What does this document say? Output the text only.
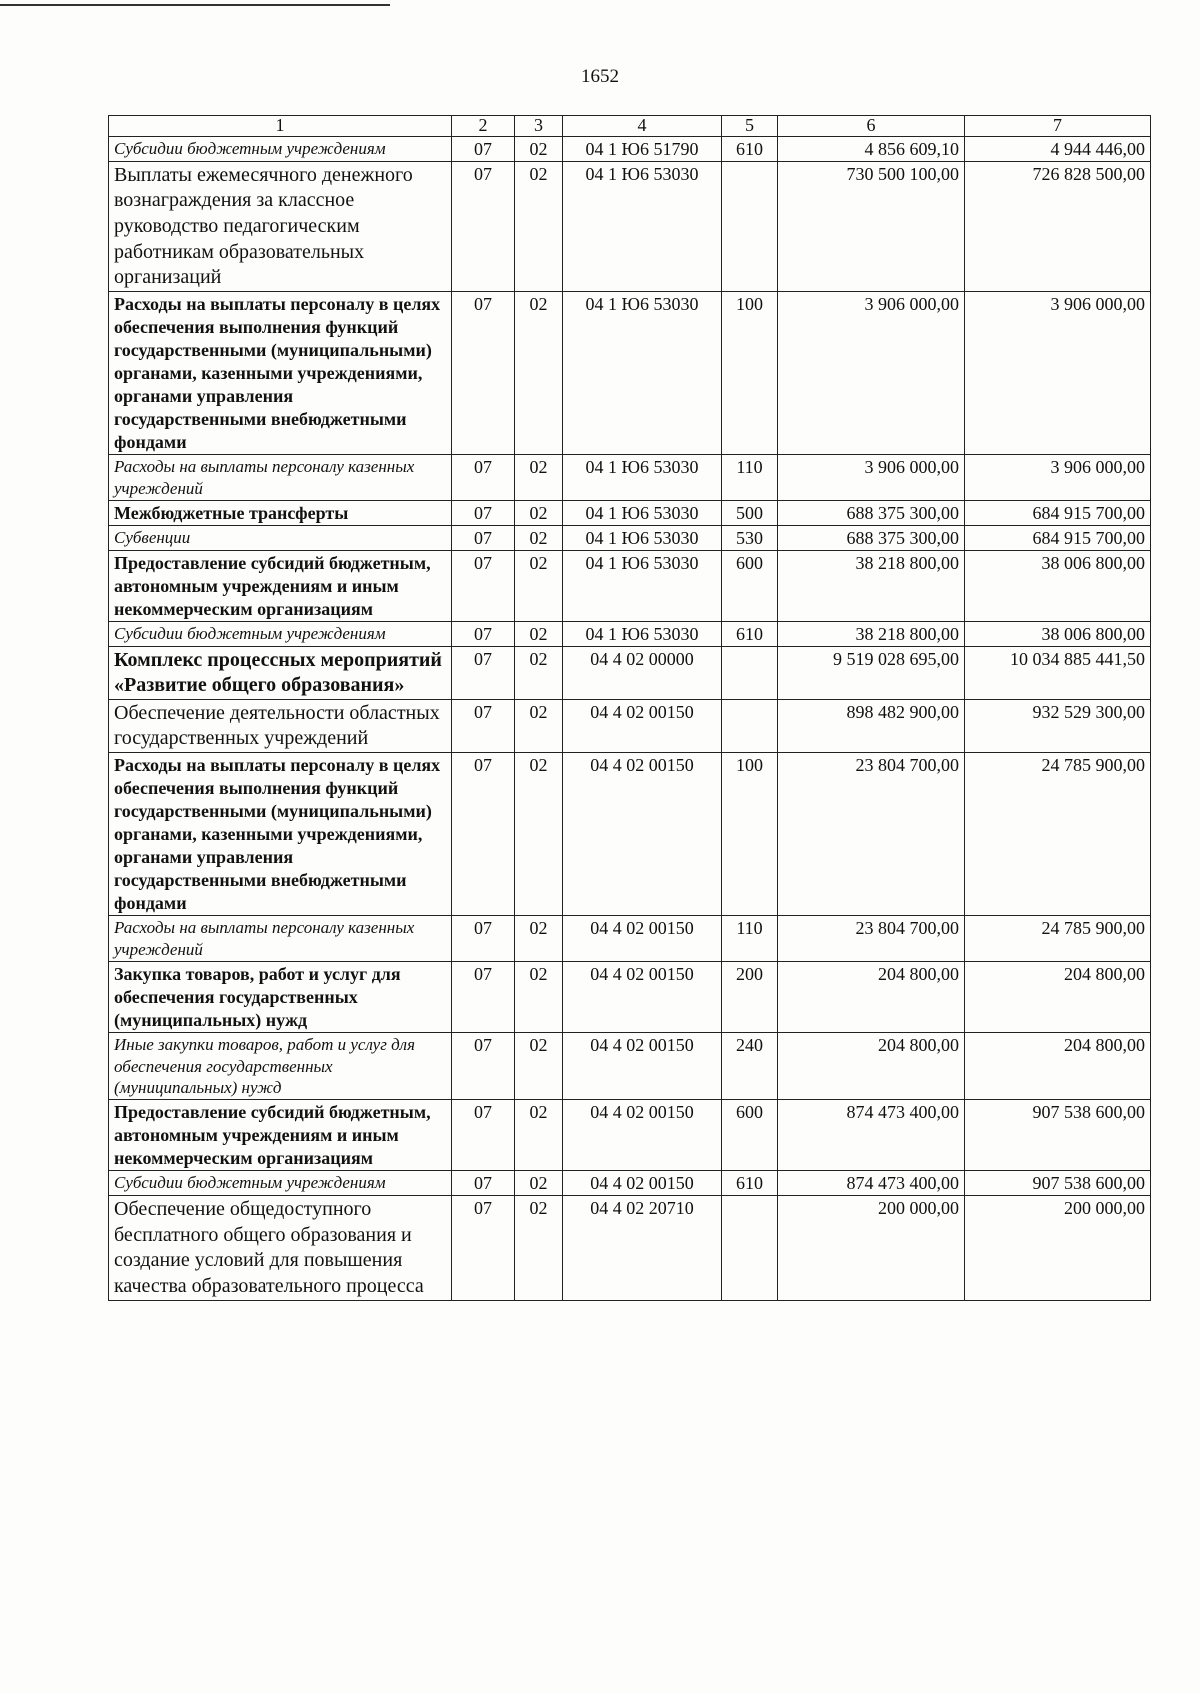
1652
1	2	3	4	5	6	7
Субсидии бюджетным учреждениям	07	02	04 1 Ю6 51790	610	4 856 609,10	4 944 446,00
Выплаты ежемесячного денежного вознаграждения за классное руководство педагогическим работникам образовательных организаций	07	02	04 1 Ю6 53030		730 500 100,00	726 828 500,00
Расходы на выплаты персоналу в целях обеспечения выполнения функций государственными (муниципальными) органами, казенными учреждениями, органами управления государственными внебюджетными фондами	07	02	04 1 Ю6 53030	100	3 906 000,00	3 906 000,00
Расходы на выплаты персоналу казенных учреждений	07	02	04 1 Ю6 53030	110	3 906 000,00	3 906 000,00
Межбюджетные трансферты	07	02	04 1 Ю6 53030	500	688 375 300,00	684 915 700,00
Субвенции	07	02	04 1 Ю6 53030	530	688 375 300,00	684 915 700,00
Предоставление субсидий бюджетным, автономным учреждениям и иным некоммерческим организациям	07	02	04 1 Ю6 53030	600	38 218 800,00	38 006 800,00
Субсидии бюджетным учреждениям	07	02	04 1 Ю6 53030	610	38 218 800,00	38 006 800,00
Комплекс процессных мероприятий «Развитие общего образования»	07	02	04 4 02 00000		9 519 028 695,00	10 034 885 441,50
Обеспечение деятельности областных государственных учреждений	07	02	04 4 02 00150		898 482 900,00	932 529 300,00
Расходы на выплаты персоналу в целях обеспечения выполнения функций государственными (муниципальными) органами, казенными учреждениями, органами управления государственными внебюджетными фондами	07	02	04 4 02 00150	100	23 804 700,00	24 785 900,00
Расходы на выплаты персоналу казенных учреждений	07	02	04 4 02 00150	110	23 804 700,00	24 785 900,00
Закупка товаров, работ и услуг для обеспечения государственных (муниципальных) нужд	07	02	04 4 02 00150	200	204 800,00	204 800,00
Иные закупки товаров, работ и услуг для обеспечения государственных (муниципальных) нужд	07	02	04 4 02 00150	240	204 800,00	204 800,00
Предоставление субсидий бюджетным, автономным учреждениям и иным некоммерческим организациям	07	02	04 4 02 00150	600	874 473 400,00	907 538 600,00
Субсидии бюджетным учреждениям	07	02	04 4 02 00150	610	874 473 400,00	907 538 600,00
Обеспечение общедоступного бесплатного общего образования и создание условий для повышения качества образовательного процесса	07	02	04 4 02 20710		200 000,00	200 000,00
